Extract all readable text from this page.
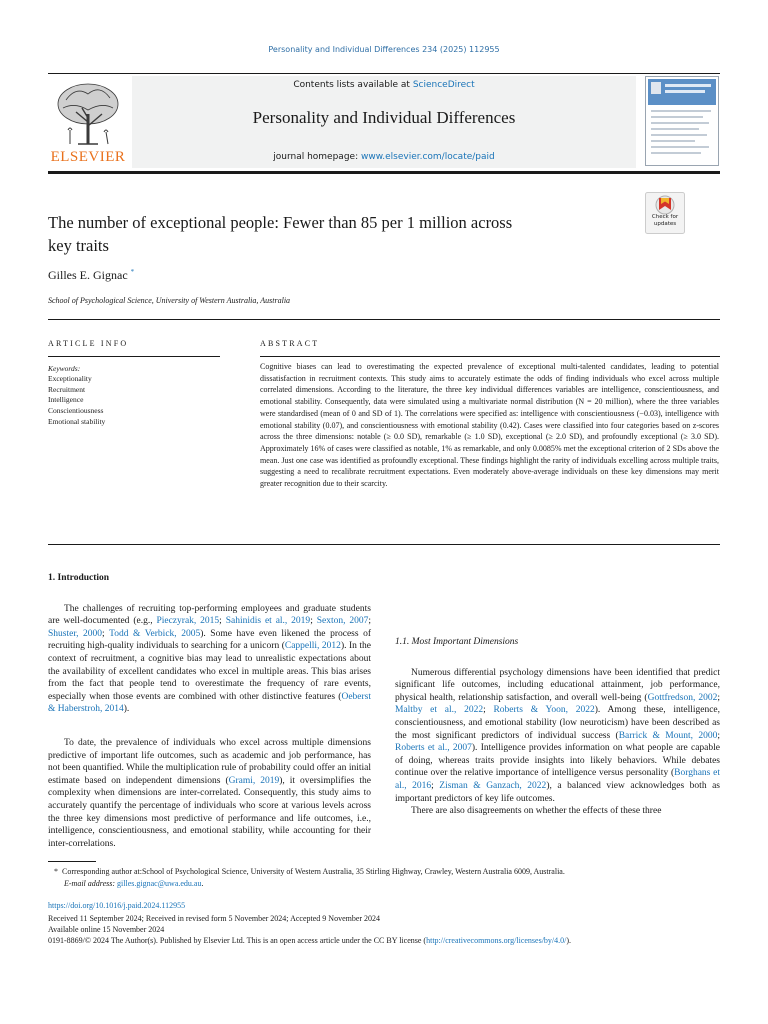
Personality and Individual Differences 234 (2025) 112955
ELSEVIER
Contents lists available at ScienceDirect
Personality and Individual Differences
journal homepage: www.elsevier.com/locate/paid
The number of exceptional people: Fewer than 85 per 1 million across
key traits
Check for
updates
Gilles E. Gignac *
School of Psychological Science, University of Western Australia, Australia
ARTICLE INFO
Keywords:
Exceptionality
Recruitment
Intelligence
Conscientiousness
Emotional stability
ABSTRACT

Cognitive biases can lead to overestimating the expected prevalence of exceptional multi-talented candidates, leading to potential dissatisfaction in recruitment contexts. This study aims to accurately estimate the odds of finding individuals who excel across multiple correlated dimensions. According to the literature, the three key individual differences variables are intelligence, conscientiousness, and emotional stability. Consequently, data were simulated using a multivariate normal distribution (N = 20 million), where the three variables were standardised (mean of 0 and SD of 1). The correlations were specified as: intelligence with conscientiousness (−0.03), intelligence with emotional stability (0.07), and conscientiousness with emotional stability (0.42). Cases were classified into four categories based on z-scores across the three dimensions: notable (≥ 0.0 SD), remarkable (≥ 1.0 SD), exceptional (≥ 2.0 SD), and profoundly exceptional (≥ 3.0 SD). Approximately 16% of cases were classified as notable, 1% as remarkable, and only 0.0085% met the exceptional criterion of 2 SDs above the mean. Just one case was identified as profoundly exceptional. These findings highlight the rarity of individuals excelling across multiple traits, suggesting a need to recalibrate recruitment expectations. Even moderately above-average individuals on these key dimensions may merit greater recognition due to their scarcity.

1. Introduction

The challenges of recruiting top-performing employees and graduate students are well-documented (e.g., Pieczyrak, 2015; Sahinidis et al., 2019; Sexton, 2007; Shuster, 2000; Todd & Verbick, 2005). Some have even likened the process of recruiting high-quality individuals to searching for a unicorn (Cappelli, 2012). In the context of recruitment, a cognitive bias may lead to unrealistic expectations about the availability of excellent candidates who excel in multiple areas. This bias arises from the fact that people tend to overestimate the frequency of rare events, especially when those events are combined with other distinctive features (Oeberst & Haberstroh, 2014).

To date, the prevalence of individuals who excel across multiple dimensions predictive of important life outcomes, such as academic and job performance, has not been quantified. While the multiplication rule of probability could offer an initial estimate based on independent dimensions (Grami, 2019), it oversimplifies the complexity when dimensions are inter-correlated. Consequently, this study aims to accurately quantify the percentage of individuals who score at various levels across the three key dimensions most predictive of performance and life outcomes, i.e., intelligence, conscientiousness, and emotional stability, while accounting for their inter-correlations.

1.1. Most Important Dimensions

Numerous differential psychology dimensions have been identified that predict significant life outcomes, including educational attainment, job performance, physical health, relationship satisfaction, and overall well-being (Gottfredson, 2002; Maltby et al., 2022; Roberts & Yoon, 2022). Among these, intelligence, conscientiousness, and emotional stability (low neuroticism) have been described as the most significant predictors of individual success (Barrick & Mount, 2000; Roberts et al., 2007). Intelligence provides information on what people are capable of doing, whereas traits provide insights into likely behaviors. While debates continue over the relative importance of intelligence versus personality (Borghans et al., 2016; Zisman & Ganzach, 2022), a balanced view acknowledges both as important predictors of key life outcomes.

There are also disagreements on whether the effects of these three

* Corresponding author at:School of Psychological Science, University of Western Australia, 35 Stirling Highway, Crawley, Western Australia 6009, Australia.
E-mail address: gilles.gignac@uwa.edu.au.
https://doi.org/10.1016/j.paid.2024.112955
Received 11 September 2024; Received in revised form 5 November 2024; Accepted 9 November 2024
Available online 15 November 2024
0191-8869/© 2024 The Author(s). Published by Elsevier Ltd. This is an open access article under the CC BY license (http://creativecommons.org/licenses/by/4.0/).
